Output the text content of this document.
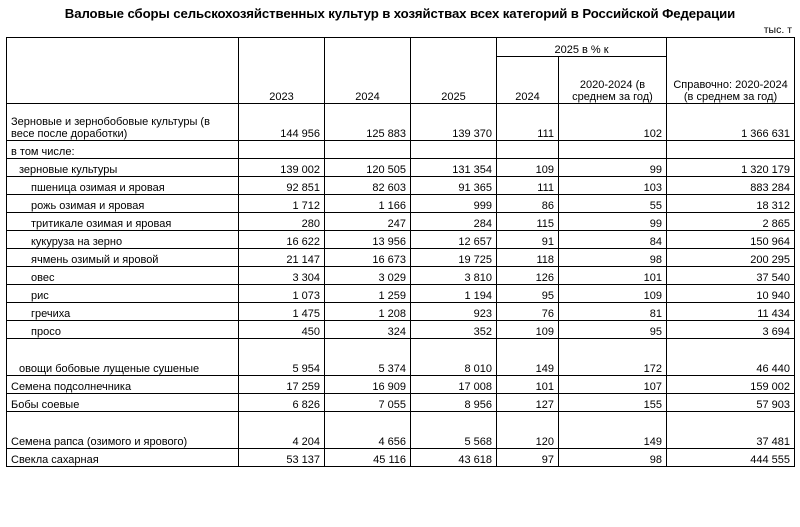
Валовые сборы сельскохозяйственных культур в хозяйствах всех категорий в Российской Федерации
тыс. т
	2023	2024	2025	2025 в % к		Справочно: 2020-2024 (в среднем за год)
				2024	2020-2024 (в среднем за год)	
Зерновые и зернобобовые культуры (в весе после доработки)	144 956	125 883	139 370	111	102	1 366 631
в том числе:						
зерновые культуры	139 002	120 505	131 354	109	99	1 320 179
пшеница озимая и яровая	92 851	82 603	91 365	111	103	883 284
рожь озимая и яровая	1 712	1 166	999	86	55	18 312
тритикале озимая и яровая	280	247	284	115	99	2 865
кукуруза на зерно	16 622	13 956	12 657	91	84	150 964
ячмень озимый и яровой	21 147	16 673	19 725	118	98	200 295
овес	3 304	3 029	3 810	126	101	37 540
рис	1 073	1 259	1 194	95	109	10 940
гречиха	1 475	1 208	923	76	81	11 434
просо	450	324	352	109	95	3 694
овощи бобовые лущеные сушеные	5 954	5 374	8 010	149	172	46 440
Семена подсолнечника	17 259	16 909	17 008	101	107	159 002
Бобы соевые	6 826	7 055	8 956	127	155	57 903
Семена рапса (озимого и ярового)	4 204	4 656	5 568	120	149	37 481
Свекла сахарная	53 137	45 116	43 618	97	98	444 555
